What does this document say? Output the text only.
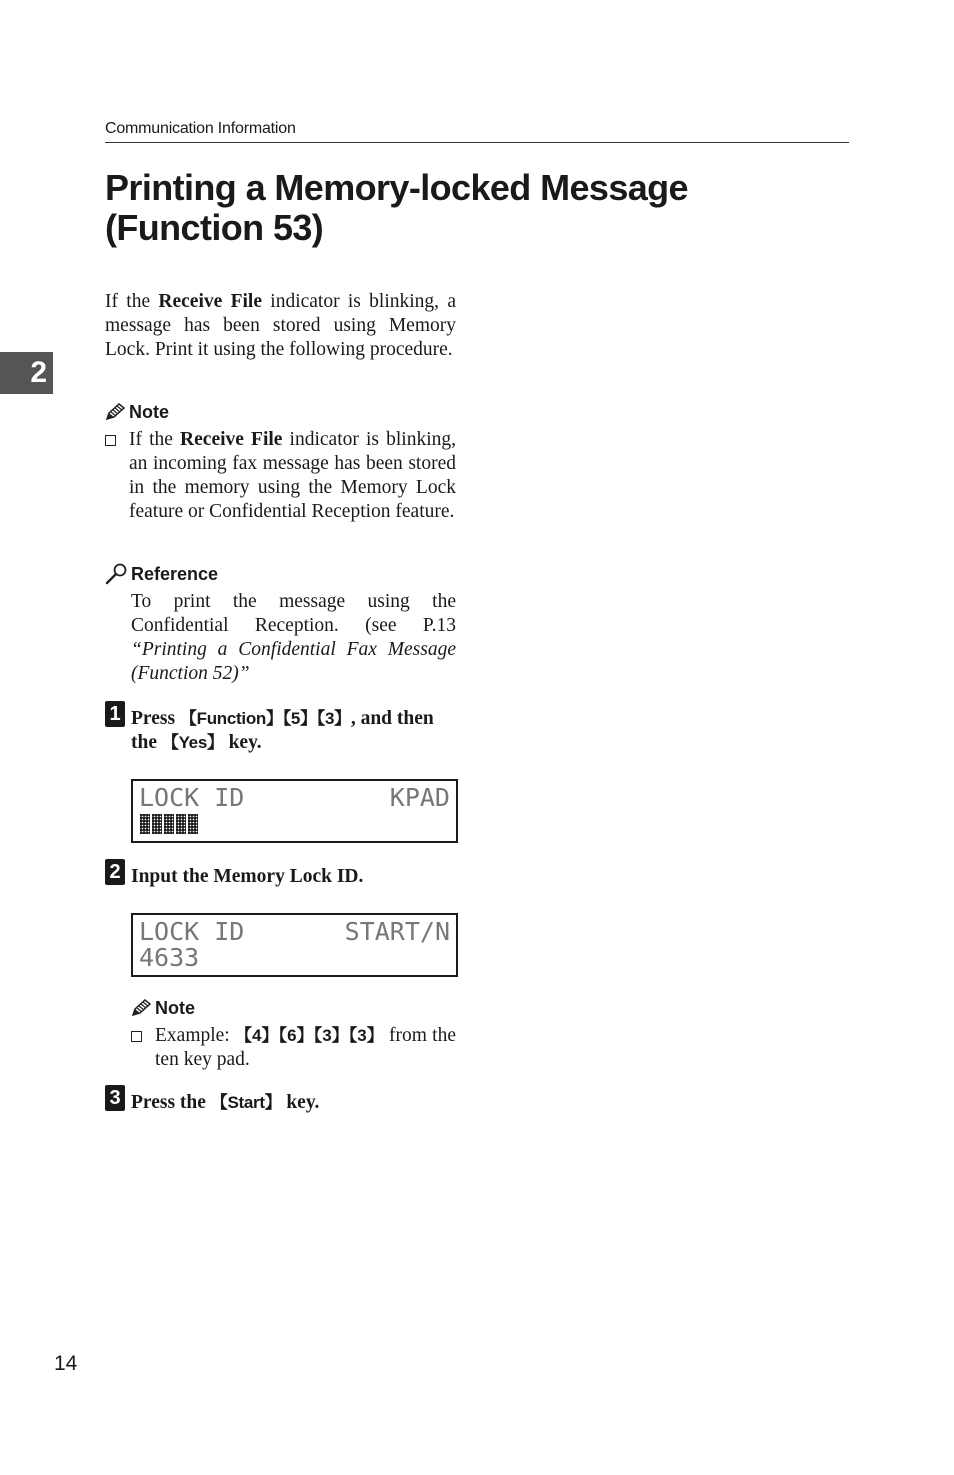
Communication Information
Printing a Memory-locked Message
(Function 53)
2

If the Receive File indicator is blinking, a message has been stored using Memory Lock. Print it using the following procedure.

Note

If the Receive File indicator is blinking, an incoming fax message has been stored in the memory using the Memory Lock feature or Confidential Reception feature.

Reference

To print the message using the Confidential Reception. (see P.13 “Printing a Confidential Fax Message (Function 52)”

1 Press 【Function】【5】【3】, and then the 【Yes】 key.
LOCK ID	KPAD
2 Input the Memory Lock ID.
LOCK ID	START/N
4633
Note

Example: 【4】【6】【3】【3】 from the ten key pad.

3 Press the 【Start】 key.
14
